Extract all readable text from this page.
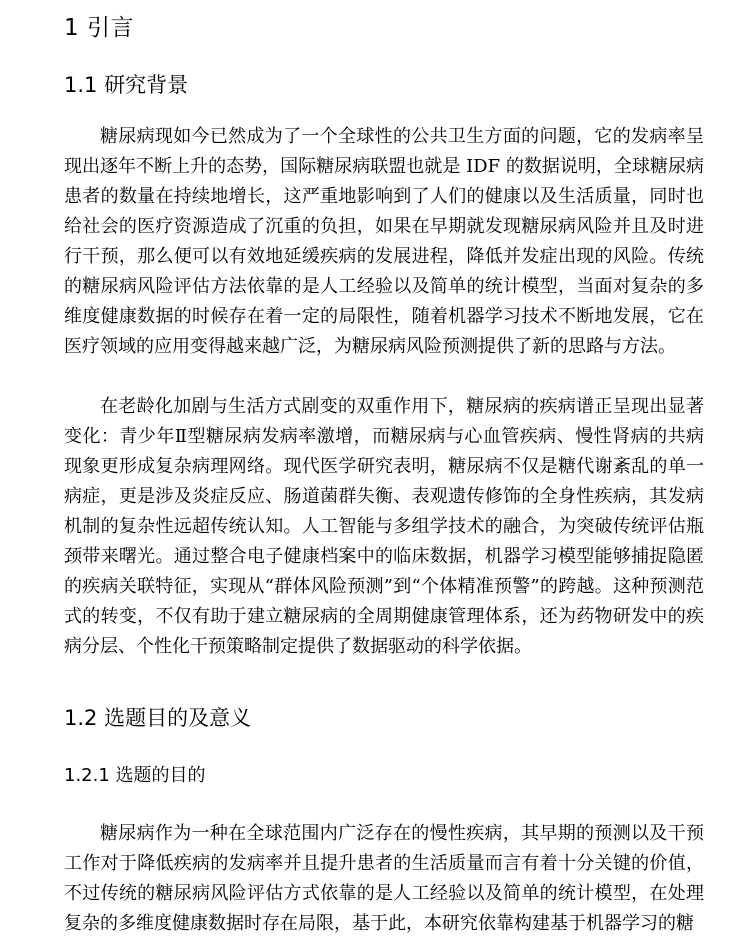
1 引言
1.1 研究背景

糖尿病现如今已然成为了一个全球性的公共卫生方面的问题，它的发病率呈现出逐年不断上升的态势，国际糖尿病联盟也就是 IDF 的数据说明，全球糖尿病患者的数量在持续地增长，这严重地影响到了人们的健康以及生活质量，同时也给社会的医疗资源造成了沉重的负担，如果在早期就发现糖尿病风险并且及时进行干预，那么便可以有效地延缓疾病的发展进程，降低并发症出现的风险。传统的糖尿病风险评估方法依靠的是人工经验以及简单的统计模型，当面对复杂的多维度健康数据的时候存在着一定的局限性，随着机器学习技术不断地发展，它在医疗领域的应用变得越来越广泛，为糖尿病风险预测提供了新的思路与方法。

在老龄化加剧与生活方式剧变的双重作用下，糖尿病的疾病谱正呈现出显著变化：青少年Ⅱ型糖尿病发病率激增，而糖尿病与心血管疾病、慢性肾病的共病现象更形成复杂病理网络。现代医学研究表明，糖尿病不仅是糖代谢紊乱的单一病症，更是涉及炎症反应、肠道菌群失衡、表观遗传修饰的全身性疾病，其发病机制的复杂性远超传统认知。人工智能与多组学技术的融合，为突破传统评估瓶颈带来曙光。通过整合电子健康档案中的临床数据，机器学习模型能够捕捉隐匿的疾病关联特征，实现从“群体风险预测”到“个体精准预警”的跨越。这种预测范式的转变，不仅有助于建立糖尿病的全周期健康管理体系，还为药物研发中的疾病分层、个性化干预策略制定提供了数据驱动的科学依据。

1.2 选题目的及意义
1.2.1 选题的目的

糖尿病作为一种在全球范围内广泛存在的慢性疾病，其早期的预测以及干预工作对于降低疾病的发病率并且提升患者的生活质量而言有着十分关键的价值，不过传统的糖尿病风险评估方式依靠的是人工经验以及简单的统计模型，在处理复杂的多维度健康数据时存在局限，基于此，本研究依靠构建基于机器学习的糖
